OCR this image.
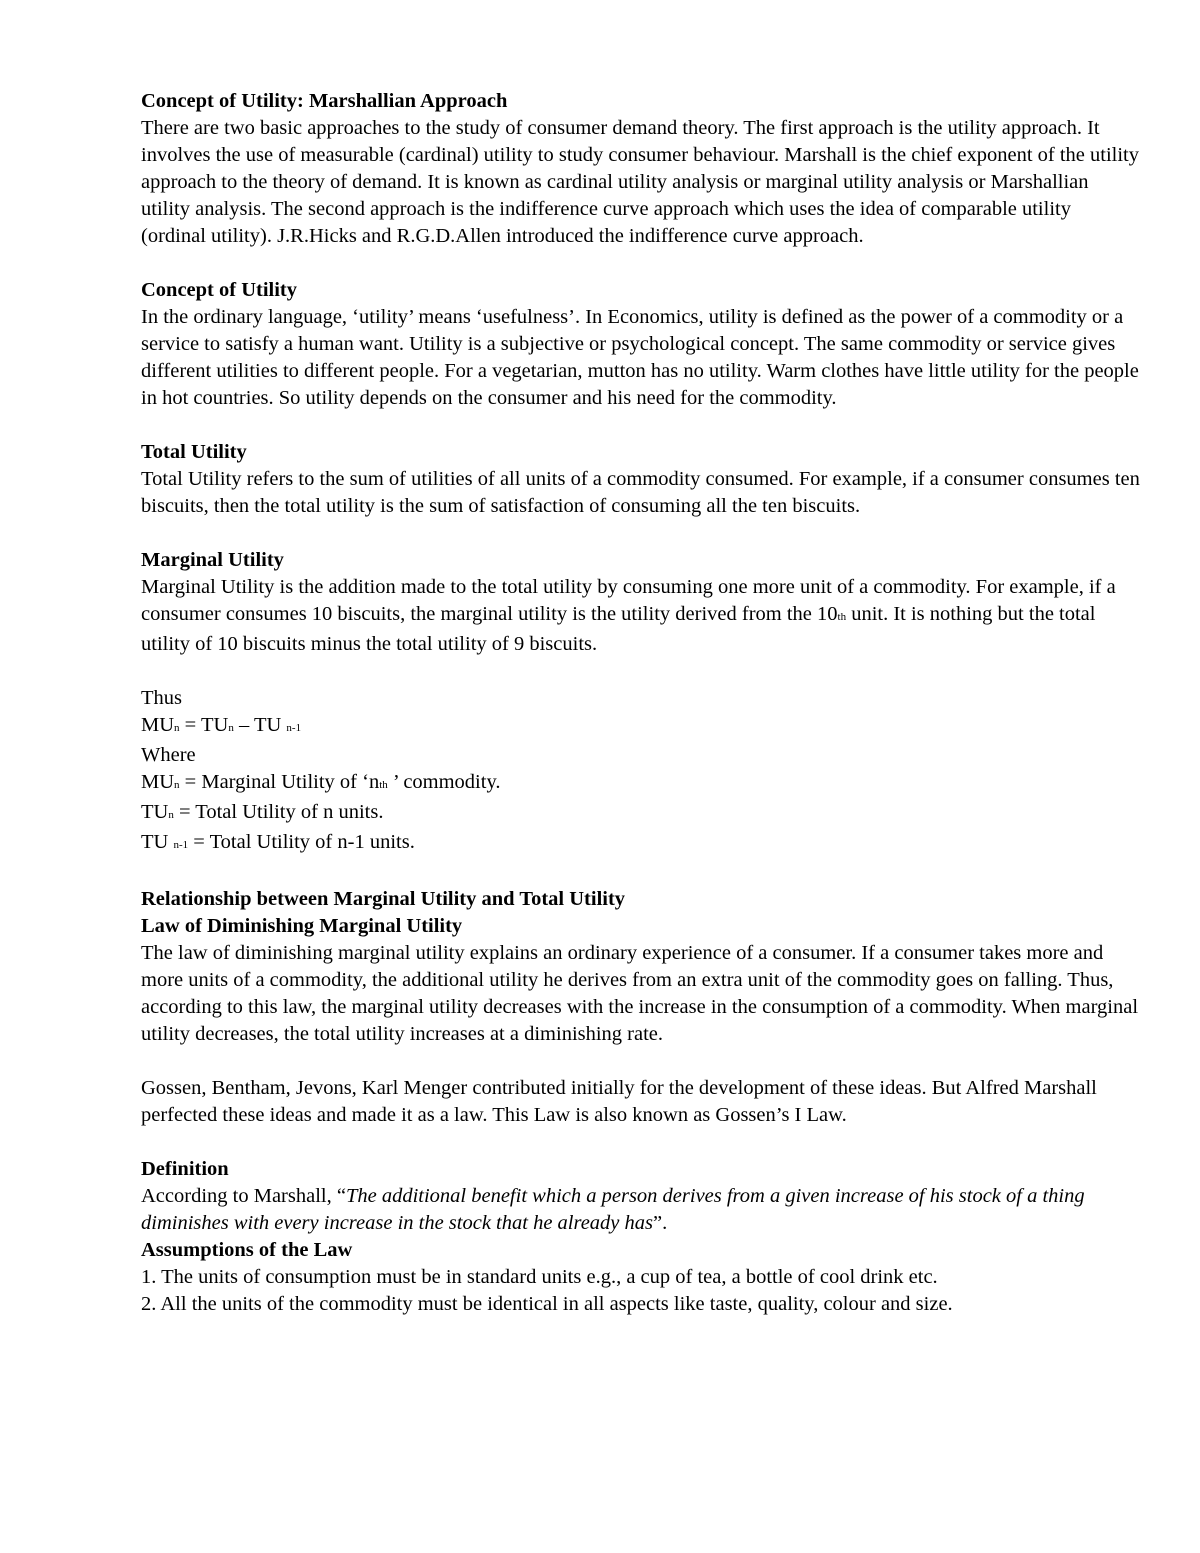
Concept of Utility: Marshallian Approach

There are two basic approaches to the study of consumer demand theory. The first approach is the utility approach. It involves the use of measurable (cardinal) utility to study consumer behaviour. Marshall is the chief exponent of the utility approach to the theory of demand. It is known as cardinal utility analysis or marginal utility analysis or Marshallian utility analysis. The second approach is the indifference curve approach which uses the idea of comparable utility (ordinal utility). J.R.Hicks and R.G.D.Allen introduced the indifference curve approach.

Concept of Utility

In the ordinary language, ‘utility’ means ‘usefulness’. In Economics, utility is defined as the power of a commodity or a service to satisfy a human want. Utility is a subjective or psychological concept. The same commodity or service gives different utilities to different people. For a vegetarian, mutton has no utility. Warm clothes have little utility for the people in hot countries. So utility depends on the consumer and his need for the commodity.

Total Utility

Total Utility refers to the sum of utilities of all units of a commodity consumed. For example, if a consumer consumes ten biscuits, then the total utility is the sum of satisfaction of consuming all the ten biscuits.

Marginal Utility

Marginal Utility is the addition made to the total utility by consuming one more unit of a commodity. For example, if a consumer consumes 10 biscuits, the marginal utility is the utility derived from the 10th unit. It is nothing but the total utility of 10 biscuits minus the total utility of 9 biscuits.

Thus

MUn = TUn – TU n-1

Where

MUn = Marginal Utility of ‘nth ’ commodity.

TUn = Total Utility of n units.

TU n-1 = Total Utility of n-1 units.

Relationship between Marginal Utility and Total Utility

Law of Diminishing Marginal Utility

The law of diminishing marginal utility explains an ordinary experience of a consumer. If a consumer takes more and more units of a commodity, the additional utility he derives from an extra unit of the commodity goes on falling. Thus, according to this law, the marginal utility decreases with the increase in the consumption of a commodity. When marginal utility decreases, the total utility increases at a diminishing rate.

Gossen, Bentham, Jevons, Karl Menger contributed initially for the development of these ideas. But Alfred Marshall perfected these ideas and made it as a law. This Law is also known as Gossen’s I Law.

Definition

According to Marshall, “The additional benefit which a person derives from a given increase of his stock of a thing diminishes with every increase in the stock that he already has”.

Assumptions of the Law

1. The units of consumption must be in standard units e.g., a cup of tea, a bottle of cool drink etc.

2. All the units of the commodity must be identical in all aspects like taste, quality, colour and size.
